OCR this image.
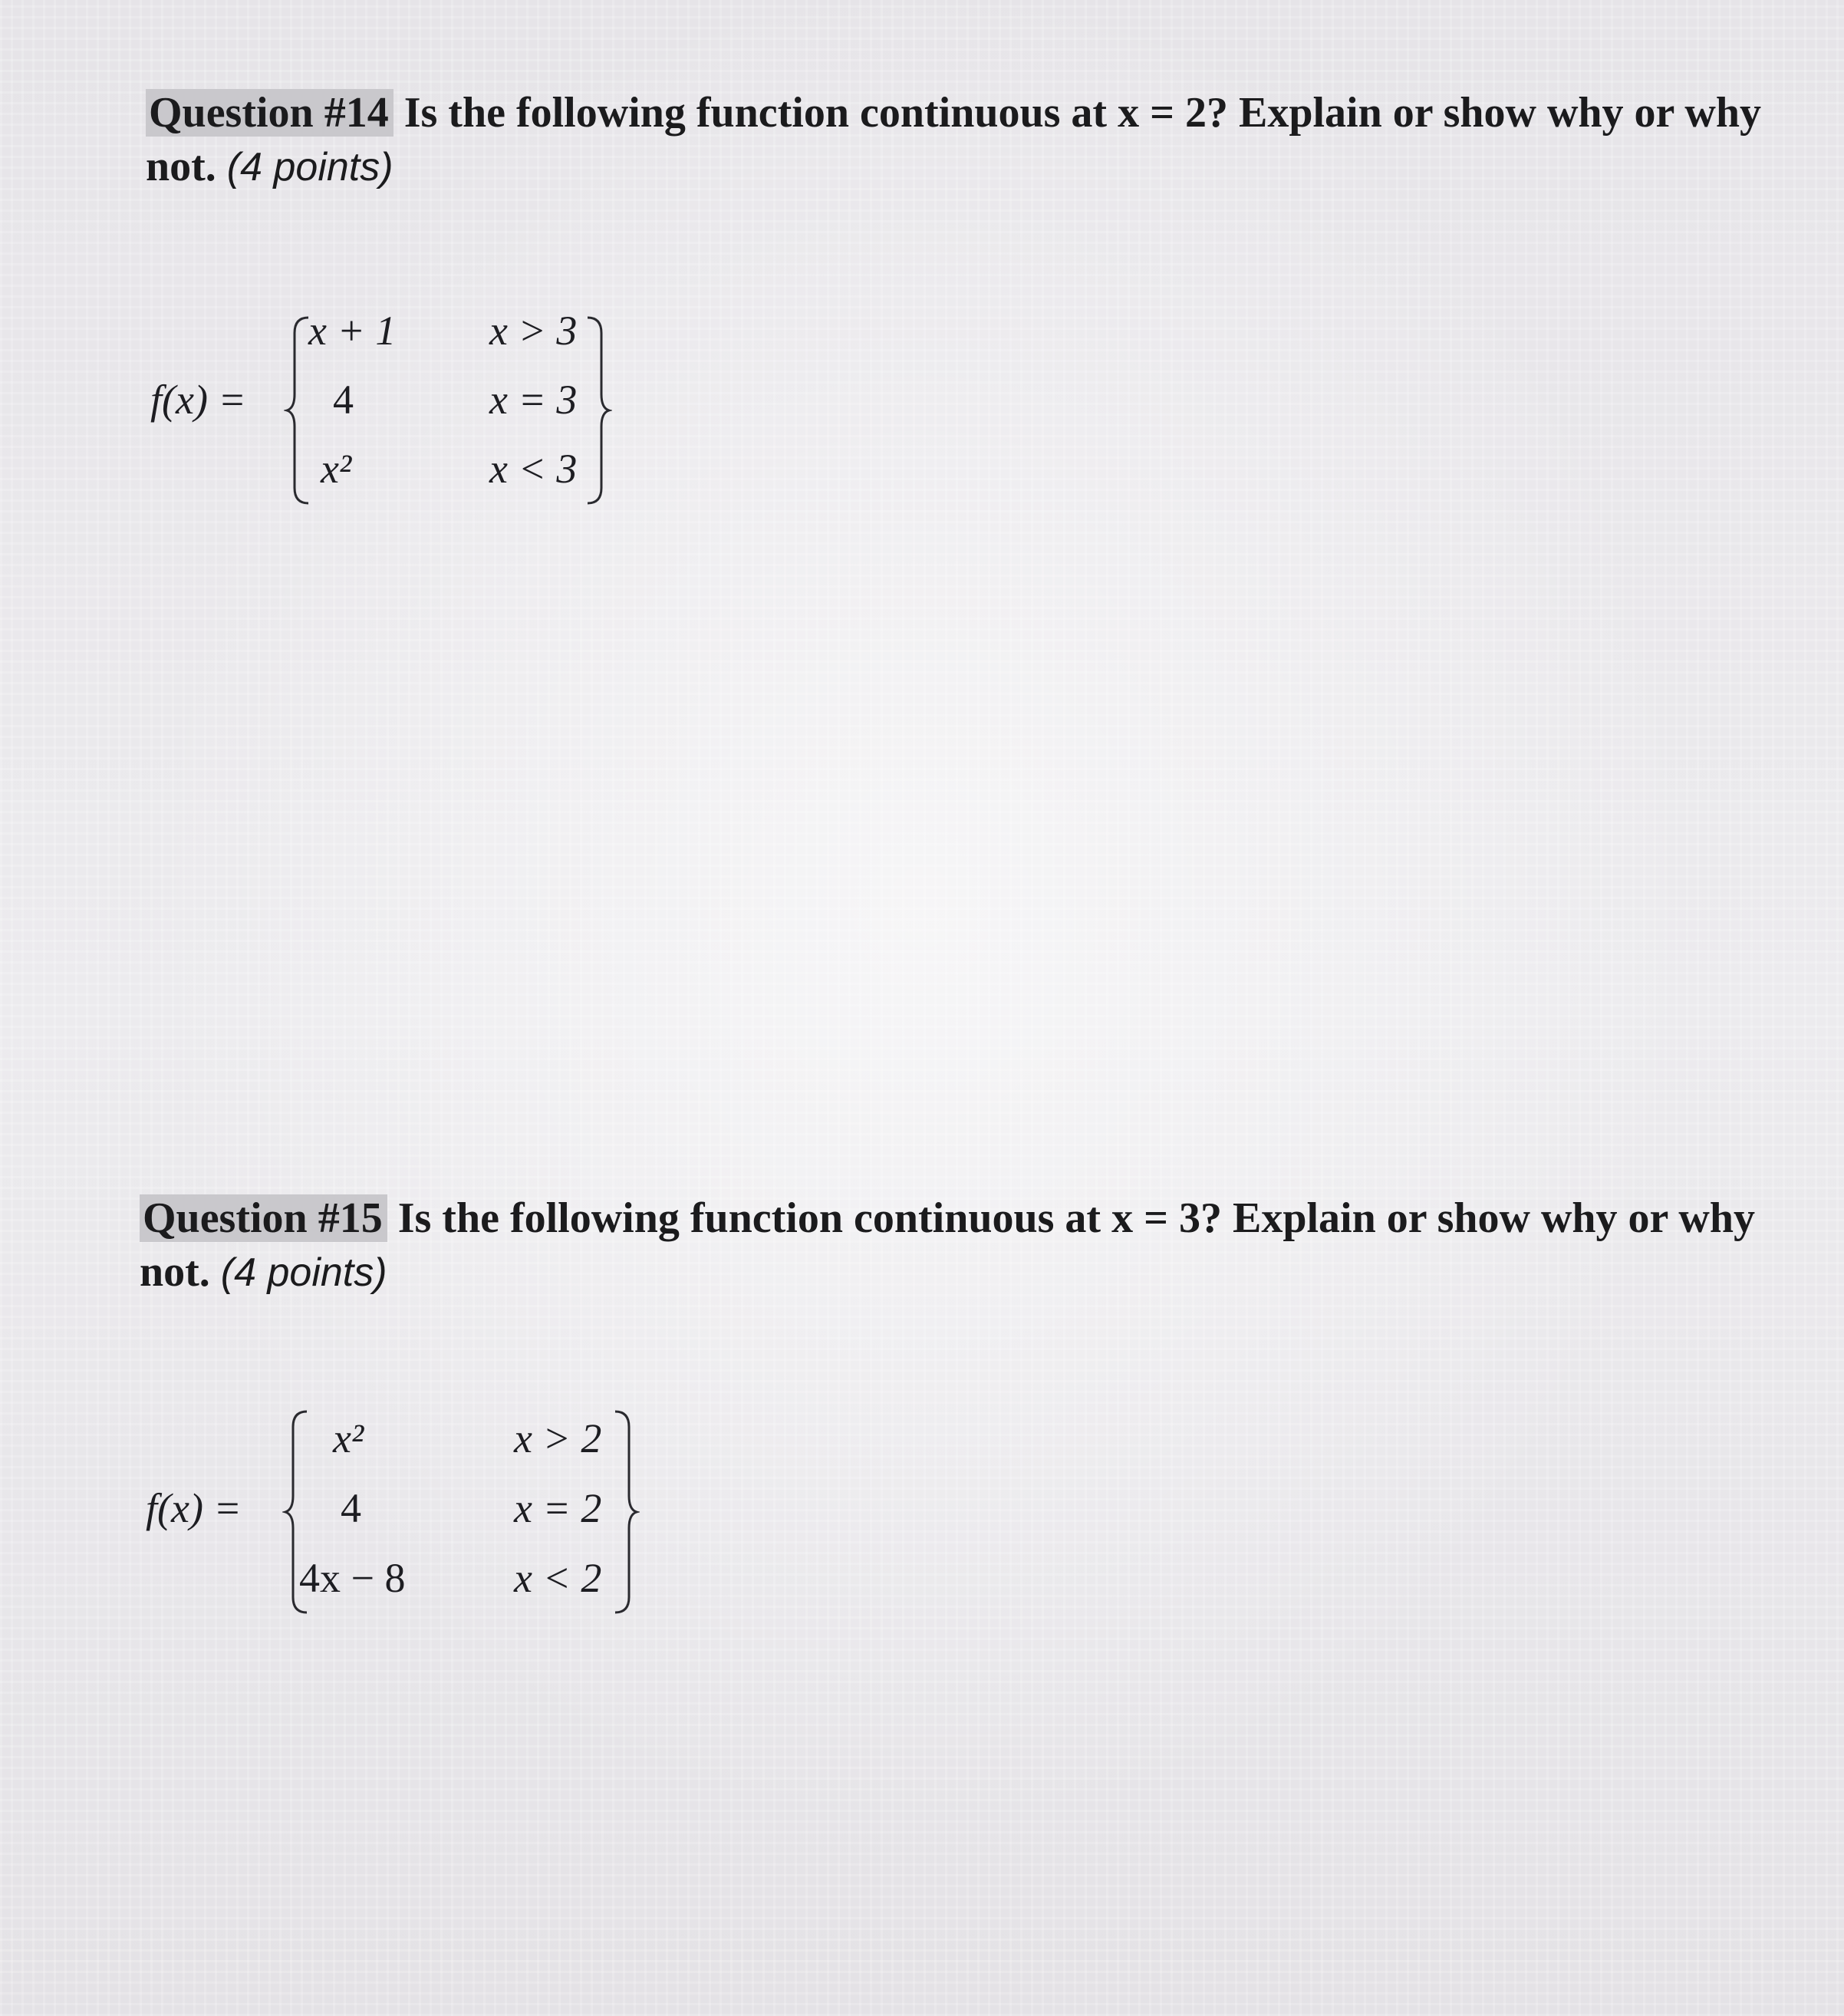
Question #14 Is the following function continuous at x = 2? Explain or show why or why not. (4 points)
f(x) =
x + 1
4
x²
x > 3
x = 3
x < 3
Question #15 Is the following function continuous at x = 3? Explain or show why or why not. (4 points)
f(x) =
x²
4
4x − 8
x > 2
x = 2
x < 2
